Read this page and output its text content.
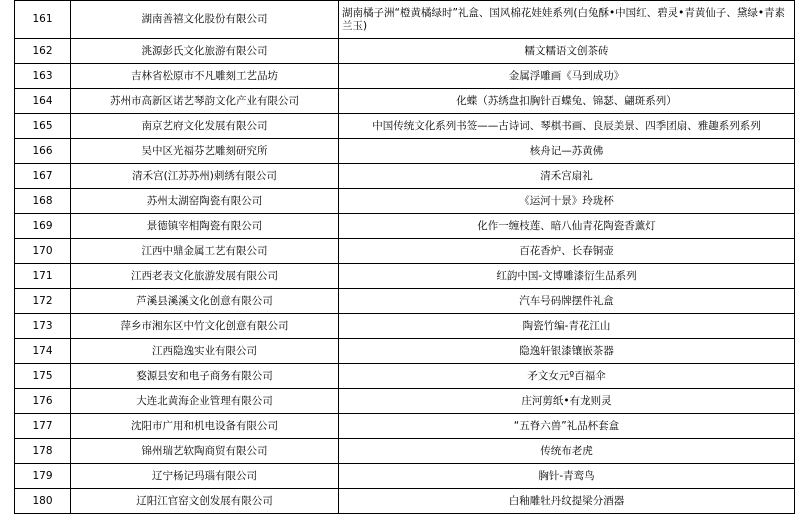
161	湖南善禧文化股份有限公司	湖南橘子洲“橙黄橘绿时”礼盒、国风棉花娃娃系列(白兔酥•中国红、碧灵•青黄仙子、黛绿•青素兰玉)
162	洮源彭氏文化旅游有限公司	糯文糯语文创茶砖
163	吉林省松原市不凡雕刻工艺品坊	金属浮雕画《马到成功》
164	苏州市高新区诺艺琴韵文化产业有限公司	化蝶（苏绣盘扣胸针百蝶兔、锦瑟、翩斑系列）
165	南京艺府文化发展有限公司	中国传统文化系列书签——古诗词、琴棋书画、良辰美景、四季团扇、雅趣系列系列
166	吴中区光福芬艺雕刻研究所	核舟记—苏黄佛
167	清禾宫(江苏苏州)刺绣有限公司	清禾宫扇礼
168	苏州太湖窑陶瓷有限公司	《运河十景》玲珑杯
169	景德镇宰相陶瓷有限公司	化作一缠枝莲、暗八仙青花陶瓷香薰灯
170	江西中鼎金属工艺有限公司	百花香炉、长春铜壶
171	江西老表文化旅游发展有限公司	红韵中国-文博雕漆衍生品系列
172	芦溪县溪溪文化创意有限公司	汽车号码牌摆件礼盒
173	萍乡市湘东区中竹文化创意有限公司	陶瓷竹编-青花江山
174	江西隐逸实业有限公司	隐逸轩银漆镶嵌茶器
175	婺源县安和电子商务有限公司	矛文女元º百福伞
176	大连北黄海企业管理有限公司	庄河剪纸•有龙则灵
177	沈阳市广用和机电设备有限公司	“五脊六兽”礼品杯套盒
178	锦州瑞艺软陶商贸有限公司	传统布老虎
179	辽宁杨记玛瑙有限公司	胸针-青鸾鸟
180	辽阳江官窑文创发展有限公司	白釉雕牡丹纹提梁分酒器
